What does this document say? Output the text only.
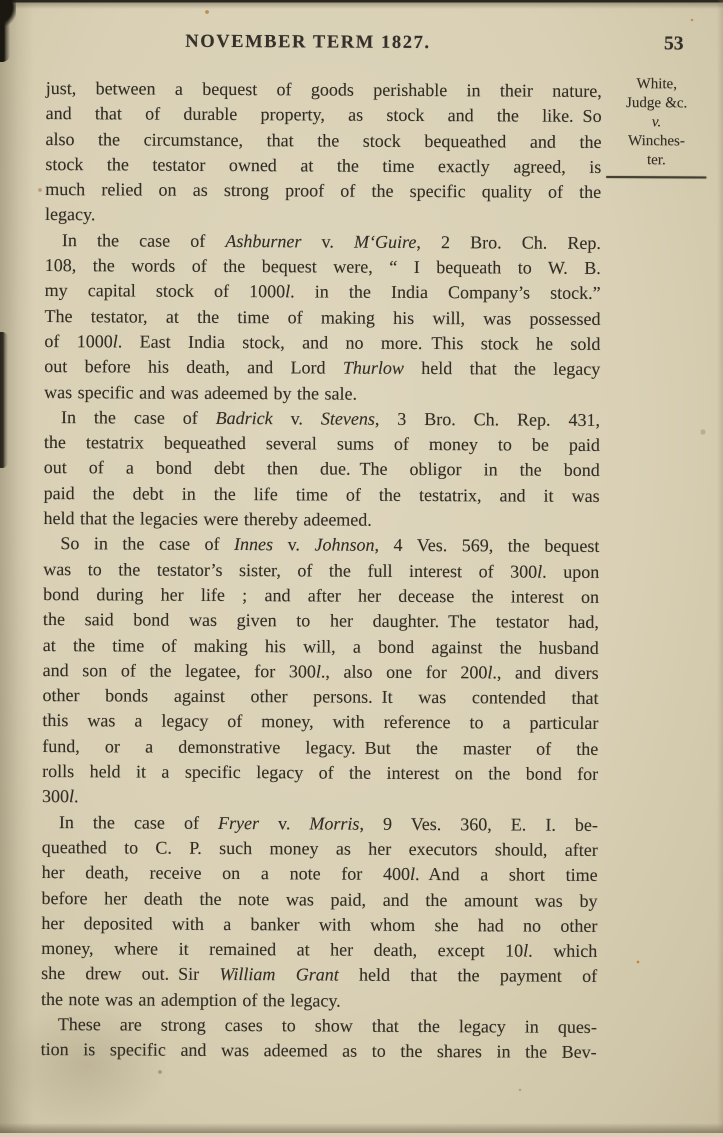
NOVEMBER TERM 1827.	53
just, between a bequest of goods perishable in their nature,
and that of durable property, as stock and the like. So
also the circumstance, that the stock bequeathed and the
stock the testator owned at the time exactly agreed, is
much relied on as strong proof of the specific quality of the
legacy.
In the case of Ashburner v. M‘Guire, 2 Bro. Ch. Rep.
108, the words of the bequest were, “ I bequeath to W. B.
my capital stock of 1000l. in the India Company’s stock.”
The testator, at the time of making his will, was possessed
of 1000l. East India stock, and no more. This stock he sold
out before his death, and Lord Thurlow held that the legacy
was specific and was adeemed by the sale.
In the case of Badrick v. Stevens, 3 Bro. Ch. Rep. 431,
the testatrix bequeathed several sums of money to be paid
out of a bond debt then due. The obligor in the bond
paid the debt in the life time of the testatrix, and it was
held that the legacies were thereby adeemed.
So in the case of Innes v. Johnson, 4 Ves. 569, the bequest
was to the testator’s sister, of the full interest of 300l. upon
bond during her life ; and after her decease the interest on
the said bond was given to her daughter. The testator had,
at the time of making his will, a bond against the husband
and son of the legatee, for 300l., also one for 200l., and divers
other bonds against other persons. It was contended that
this was a legacy of money, with reference to a particular
fund, or a demonstrative legacy. But the master of the
rolls held it a specific legacy of the interest on the bond for
300l.
In the case of Fryer v. Morris, 9 Ves. 360, E. I. be-
queathed to C. P. such money as her executors should, after
her death, receive on a note for 400l. And a short time
before her death the note was paid, and the amount was by
her deposited with a banker with whom she had no other
money, where it remained at her death, except 10l. which
she drew out. Sir William Grant held that the payment of
the note was an ademption of the legacy.
These are strong cases to show that the legacy in ques-
tion is specific and was adeemed as to the shares in the Bev-
White,
Judge &c.
v.
Winches-
ter.
